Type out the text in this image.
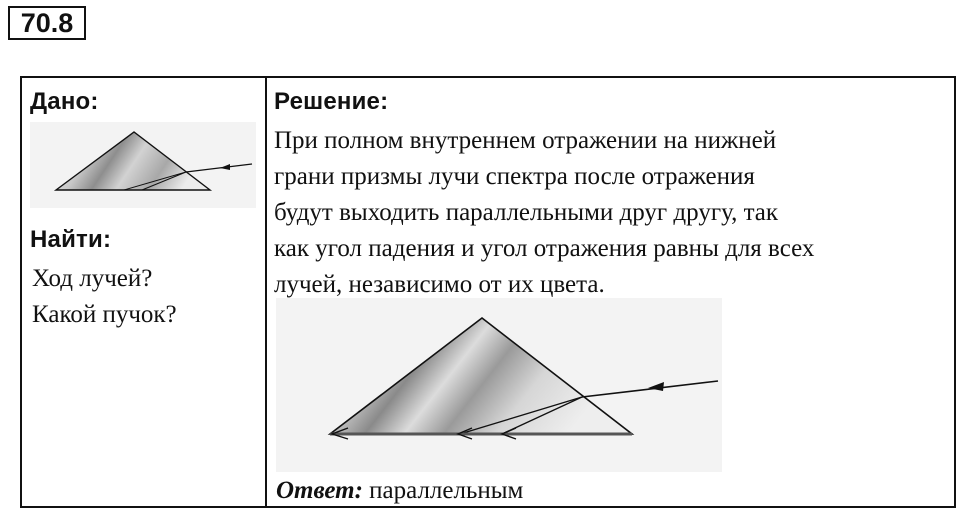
70.8
Дано:
Найти:
Ход лучей?
Какой пучок?
Решение:
При полном внутреннем отражении на нижней
грани призмы лучи спектра после отражения
будут выходить параллельными друг другу, так
как угол падения и угол отражения равны для всех
лучей, независимо от их цвета.
Ответ: параллельным
